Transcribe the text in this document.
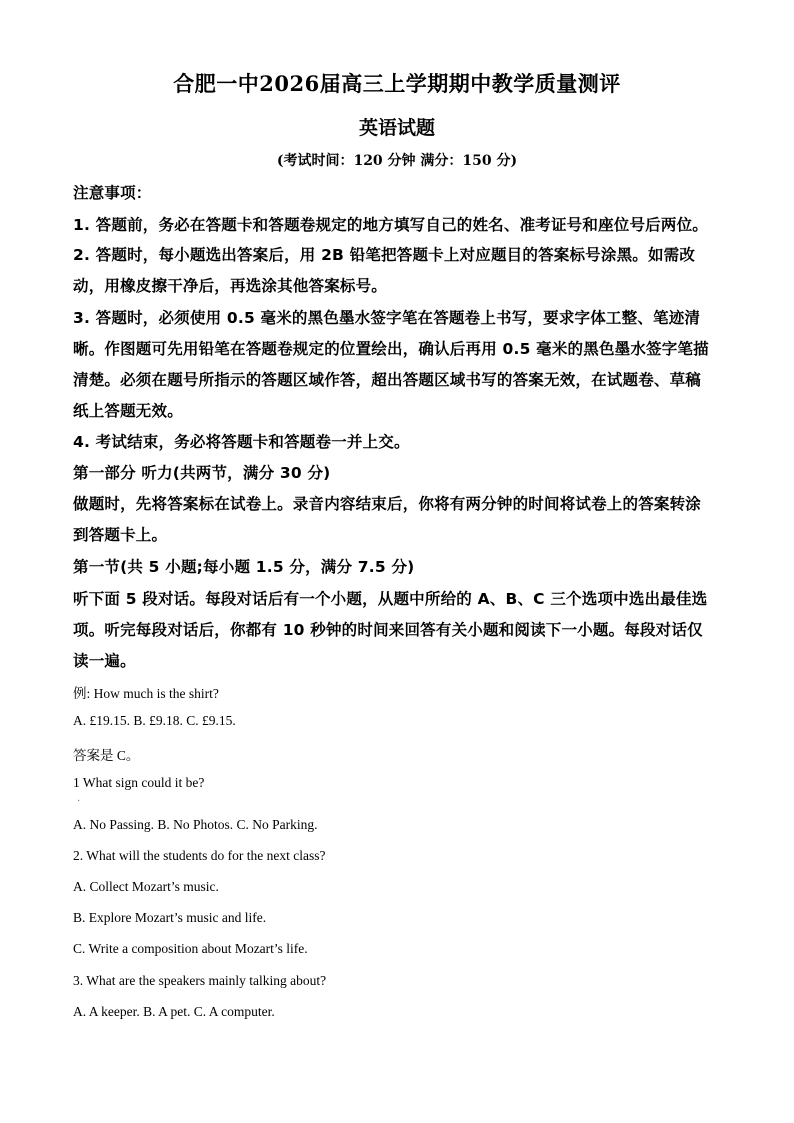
合肥一中2026届高三上学期期中教学质量测评
英语试题
(考试时间：120 分钟 满分：150 分)
注意事项：
1. 答题前，务必在答题卡和答题卷规定的地方填写自己的姓名、准考证号和座位号后两位。
2. 答题时，每小题选出答案后，用 2B 铅笔把答题卡上对应题目的答案标号涂黑。如需改
动，用橡皮擦干净后，再选涂其他答案标号。
3. 答题时，必须使用 0.5 毫米的黑色墨水签字笔在答题卷上书写，要求字体工整、笔迹清
晰。作图题可先用铅笔在答题卷规定的位置绘出，确认后再用 0.5 毫米的黑色墨水签字笔描
清楚。必须在题号所指示的答题区域作答，超出答题区域书写的答案无效，在试题卷、草稿
纸上答题无效。
4. 考试结束，务必将答题卡和答题卷一并上交。
第一部分 听力(共两节，满分 30 分)
做题时，先将答案标在试卷上。录音内容结束后，你将有两分钟的时间将试卷上的答案转涂
到答题卡上。
第一节(共 5 小题;每小题 1.5 分，满分 7.5 分)
听下面 5 段对话。每段对话后有一个小题，从题中所给的 A、B、C 三个选项中选出最佳选
项。听完每段对话后，你都有 10 秒钟的时间来回答有关小题和阅读下一小题。每段对话仅
读一遍。
例: How much is the shirt?
A. £19.15. B. £9.18. C. £9.15.
答案是 C。
1 What sign could it be?
·
A. No Passing. B. No Photos. C. No Parking.
2. What will the students do for the next class?
A. Collect Mozart’s music.
B. Explore Mozart’s music and life.
C. Write a composition about Mozart’s life.
3. What are the speakers mainly talking about?
A. A keeper. B. A pet. C. A computer.
